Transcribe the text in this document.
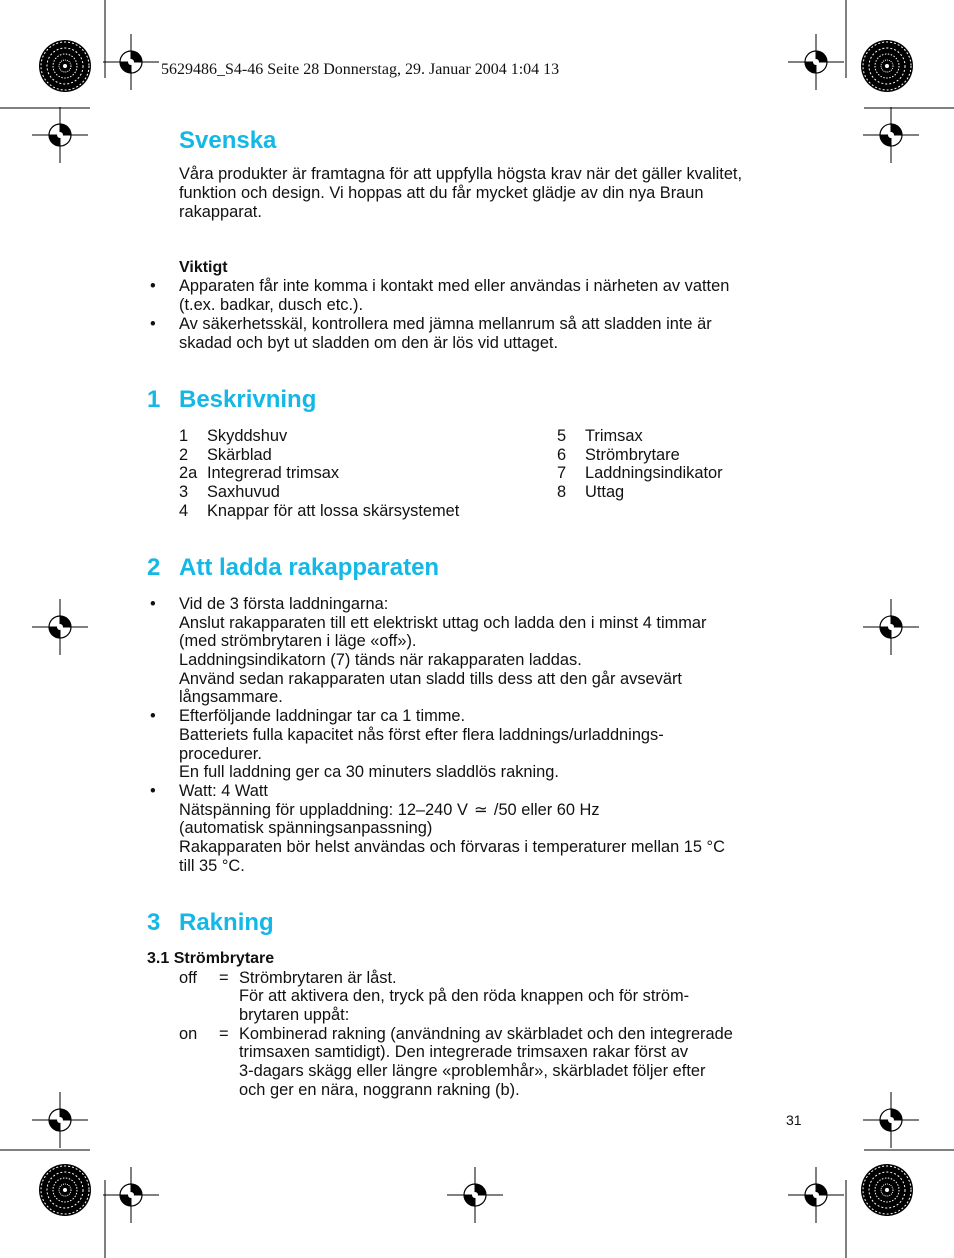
5629486_S4-46 Seite 28 Donnerstag, 29. Januar 2004 1:04 13
Svenska

Våra produkter är framtagna för att uppfylla högsta krav när det gäller kvalitet,

funktion och design. Vi hoppas att du får mycket glädje av din nya Braun

rakapparat.

Viktigt

• Apparaten får inte komma i kontakt med eller användas i närheten av vatten

(t.ex. badkar, dusch etc.).

• Av säkerhetsskäl, kontrollera med jämna mellanrum så att sladden inte är

skadad och byt ut sladden om den är lös vid uttaget.

1 Beskrivning
1 Skyddshuv
2 Skärblad
2a Integrerad trimsax
3 Saxhuvud
4 Knappar för att lossa skärsystemet
5 Trimsax
6 Strömbrytare
7 Laddningsindikator
8 Uttag
2 Att ladda rakapparaten
• Vid de 3 första laddningarna:

Anslut rakapparaten till ett elektriskt uttag och ladda den i minst 4 timmar

(med strömbrytaren i läge «off»).

Laddningsindikatorn (7) tänds när rakapparaten laddas.

Använd sedan rakapparaten utan sladd tills dess att den går avsevärt

långsammare.

• Efterföljande laddningar tar ca 1 timme.

Batteriets fulla kapacitet nås först efter flera laddnings/urladdnings-

procedurer.

En full laddning ger ca 30 minuters sladdlös rakning.

• Watt: 4 Watt

Nätspänning för uppladdning: 12–240 V ≃ /50 eller 60 Hz

(automatisk spänningsanpassning)

Rakapparaten bör helst användas och förvaras i temperaturer mellan 15 °C

till 35 °C.

3 Rakning

3.1 Strömbrytare

off = Strömbrytaren är låst.

För att aktivera den, tryck på den röda knappen och för ström-

brytaren uppåt:

on = Kombinerad rakning (användning av skärbladet och den integrerade

trimsaxen samtidigt). Den integrerade trimsaxen rakar först av

3-dagars skägg eller längre «problemhår», skärbladet följer efter

och ger en nära, noggrann rakning (b).

31
